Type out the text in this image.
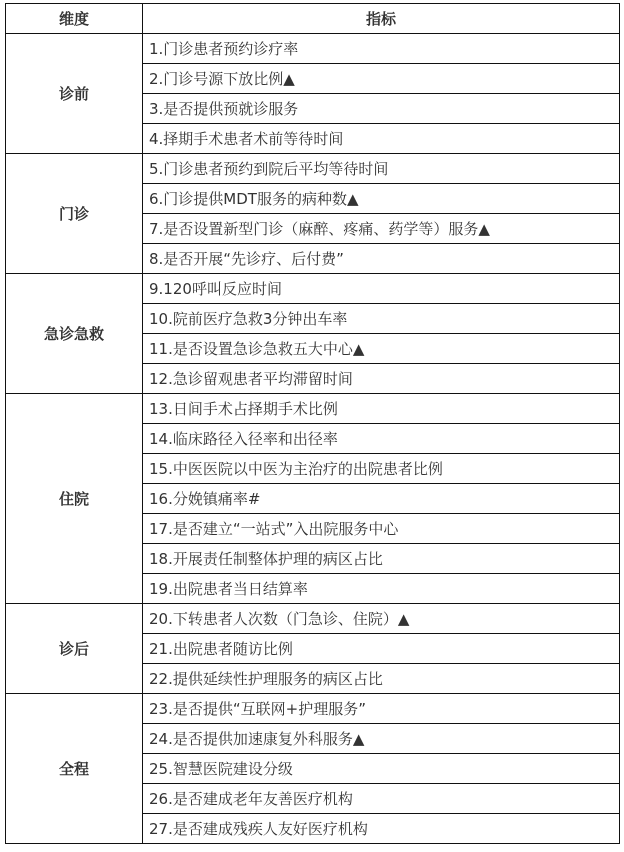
维度	指标
诊前	1.门诊患者预约诊疗率
	2.门诊号源下放比例▲
	3.是否提供预就诊服务
	4.择期手术患者术前等待时间
门诊	5.门诊患者预约到院后平均等待时间
	6.门诊提供MDT服务的病种数▲
	7.是否设置新型门诊（麻醉、疼痛、药学等）服务▲
	8.是否开展“先诊疗、后付费”
急诊急救	9.120呼叫反应时间
	10.院前医疗急救3分钟出车率
	11.是否设置急诊急救五大中心▲
	12.急诊留观患者平均滞留时间
住院	13.日间手术占择期手术比例
	14.临床路径入径率和出径率
	15.中医医院以中医为主治疗的出院患者比例
	16.分娩镇痛率#
	17.是否建立“一站式”入出院服务中心
	18.开展责任制整体护理的病区占比
	19.出院患者当日结算率
诊后	20.下转患者人次数（门急诊、住院）▲
	21.出院患者随访比例
	22.提供延续性护理服务的病区占比
全程	23.是否提供“互联网+护理服务”
	24.是否提供加速康复外科服务▲
	25.智慧医院建设分级
	26.是否建成老年友善医疗机构
	27.是否建成残疾人友好医疗机构
